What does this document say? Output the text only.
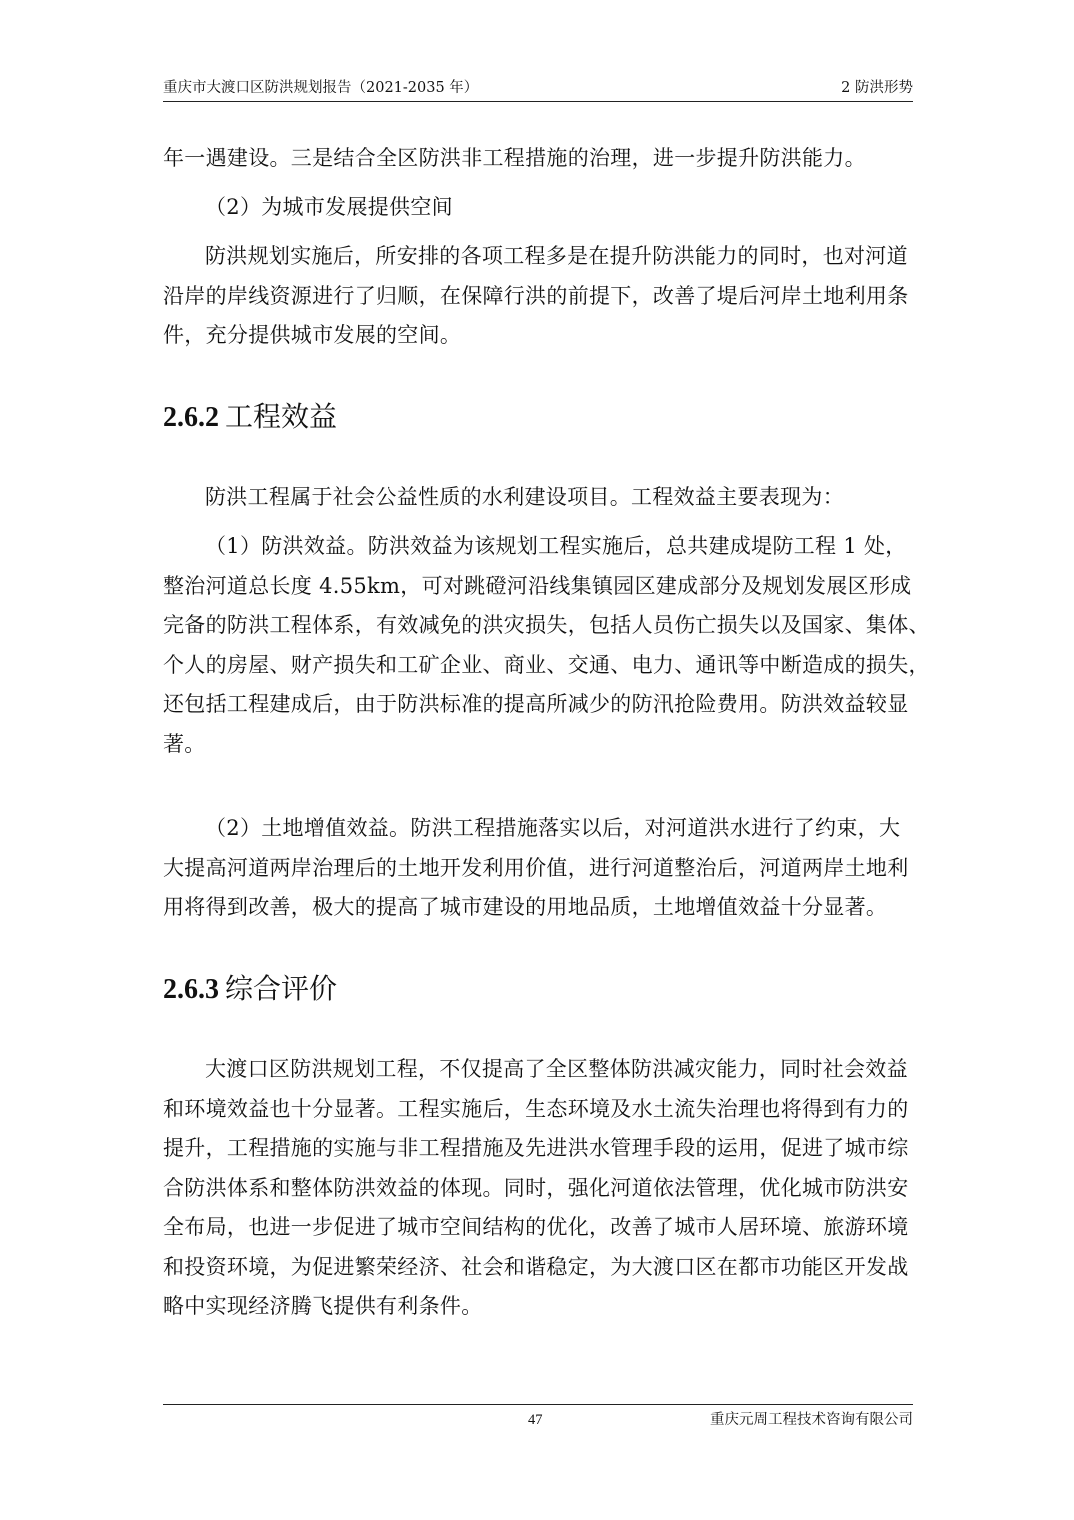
重庆市大渡口区防洪规划报告（2021-2035 年）	2 防洪形势

年一遇建设。三是结合全区防洪非工程措施的治理，进一步提升防洪能力。

（2）为城市发展提供空间

防洪规划实施后，所安排的各项工程多是在提升防洪能力的同时，也对河道
沿岸的岸线资源进行了归顺，在保障行洪的前提下，改善了堤后河岸土地利用条
件，充分提供城市发展的空间。

2.6.2 工程效益

防洪工程属于社会公益性质的水利建设项目。工程效益主要表现为：

（1）防洪效益。防洪效益为该规划工程实施后，总共建成堤防工程 1 处，
整治河道总长度 4.55km，可对跳磴河沿线集镇园区建成部分及规划发展区形成
完备的防洪工程体系，有效减免的洪灾损失，包括人员伤亡损失以及国家、集体、
个人的房屋、财产损失和工矿企业、商业、交通、电力、通讯等中断造成的损失，
还包括工程建成后，由于防洪标准的提高所减少的防汛抢险费用。防洪效益较显
著。

（2）土地增值效益。防洪工程措施落实以后，对河道洪水进行了约束，大
大提高河道两岸治理后的土地开发利用价值，进行河道整治后，河道两岸土地利
用将得到改善，极大的提高了城市建设的用地品质，土地增值效益十分显著。

2.6.3 综合评价

大渡口区防洪规划工程，不仅提高了全区整体防洪减灾能力，同时社会效益
和环境效益也十分显著。工程实施后，生态环境及水土流失治理也将得到有力的
提升，工程措施的实施与非工程措施及先进洪水管理手段的运用，促进了城市综
合防洪体系和整体防洪效益的体现。同时，强化河道依法管理，优化城市防洪安
全布局，也进一步促进了城市空间结构的优化，改善了城市人居环境、旅游环境
和投资环境，为促进繁荣经济、社会和谐稳定，为大渡口区在都市功能区开发战
略中实现经济腾飞提供有利条件。

47	重庆元周工程技术咨询有限公司
